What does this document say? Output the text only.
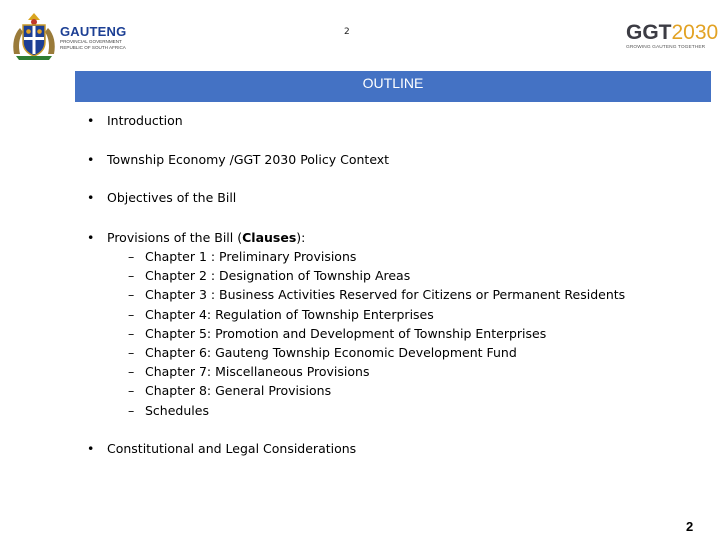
GAUTENG
PROVINCIAL GOVERNMENT
REPUBLIC OF SOUTH AFRICA
2	GGT2030
GROWING GAUTENG TOGETHER
OUTLINE
• Introduction
• Township Economy /GGT 2030 Policy Context
• Objectives of the Bill
• Provisions of the Bill (Clauses):
– Chapter 1 : Preliminary Provisions
– Chapter 2 : Designation of Township Areas
– Chapter 3 : Business Activities Reserved for Citizens or Permanent Residents
– Chapter 4: Regulation of Township Enterprises
– Chapter 5: Promotion and Development of Township Enterprises
– Chapter 6: Gauteng Township Economic Development Fund
– Chapter 7: Miscellaneous Provisions
– Chapter 8: General Provisions
– Schedules
• Constitutional and Legal Considerations
2
